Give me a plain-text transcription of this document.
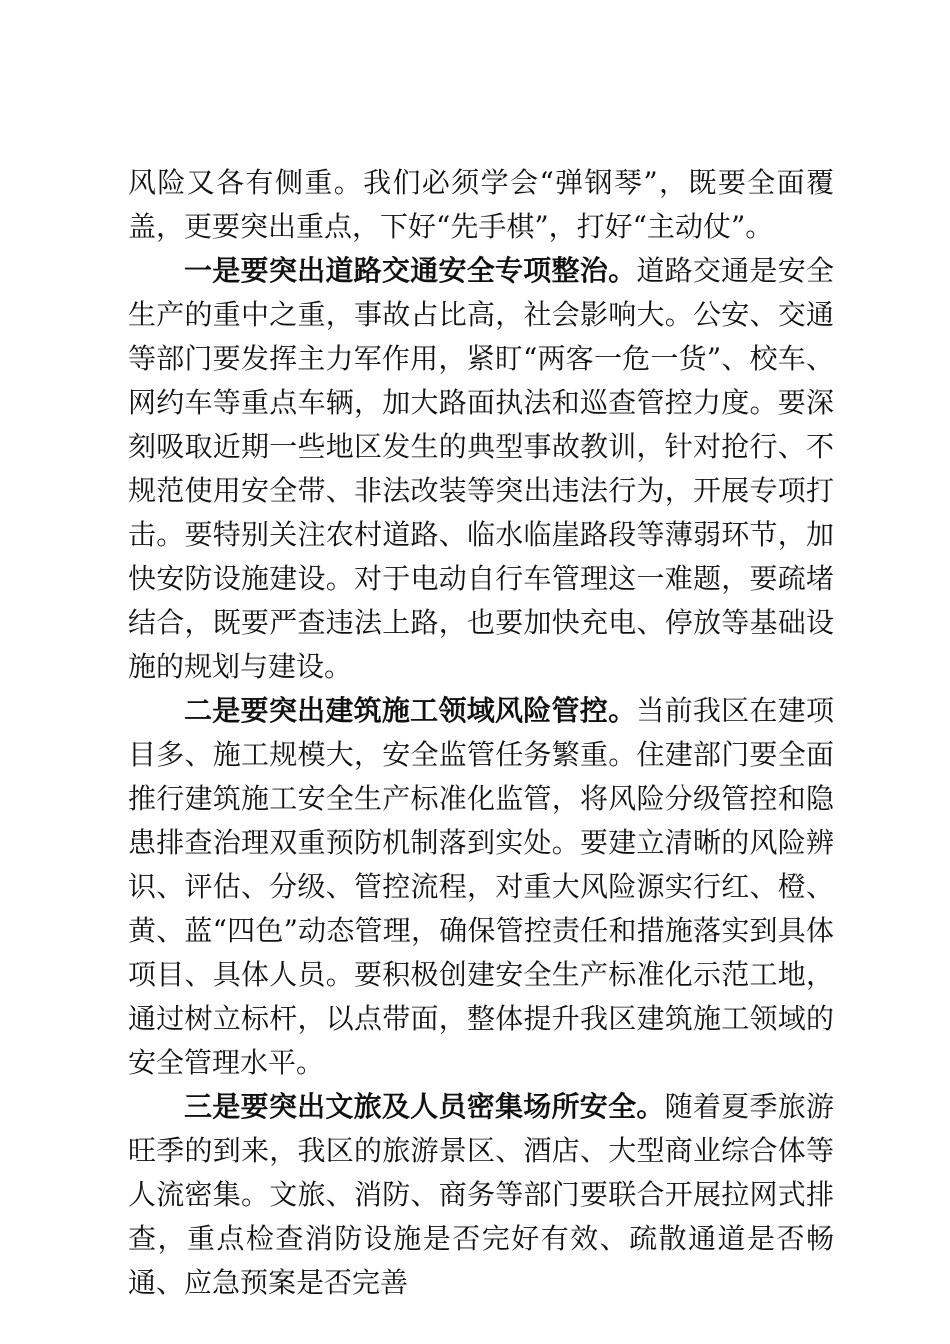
风险又各有侧重。我们必须学会“弹钢琴”，既要全面覆盖，更要突出重点，下好“先手棋”，打好“主动仗”。

一是要突出道路交通安全专项整治。道路交通是安全生产的重中之重，事故占比高，社会影响大。公安、交通等部门要发挥主力军作用，紧盯“两客一危一货”、校车、网约车等重点车辆，加大路面执法和巡查管控力度。要深刻吸取近期一些地区发生的典型事故教训，针对抢行、不规范使用安全带、非法改装等突出违法行为，开展专项打击。要特别关注农村道路、临水临崖路段等薄弱环节，加快安防设施建设。对于电动自行车管理这一难题，要疏堵结合，既要严查违法上路，也要加快充电、停放等基础设施的规划与建设。

二是要突出建筑施工领域风险管控。当前我区在建项目多、施工规模大，安全监管任务繁重。住建部门要全面推行建筑施工安全生产标准化监管，将风险分级管控和隐患排查治理双重预防机制落到实处。要建立清晰的风险辨识、评估、分级、管控流程，对重大风险源实行红、橙、黄、蓝“四色”动态管理，确保管控责任和措施落实到具体项目、具体人员。要积极创建安全生产标准化示范工地，通过树立标杆，以点带面，整体提升我区建筑施工领域的安全管理水平。

三是要突出文旅及人员密集场所安全。随着夏季旅游旺季的到来，我区的旅游景区、酒店、大型商业综合体等人流密集。文旅、消防、商务等部门要联合开展拉网式排查，重点检查消防设施是否完好有效、疏散通道是否畅通、应急预案是否完善
